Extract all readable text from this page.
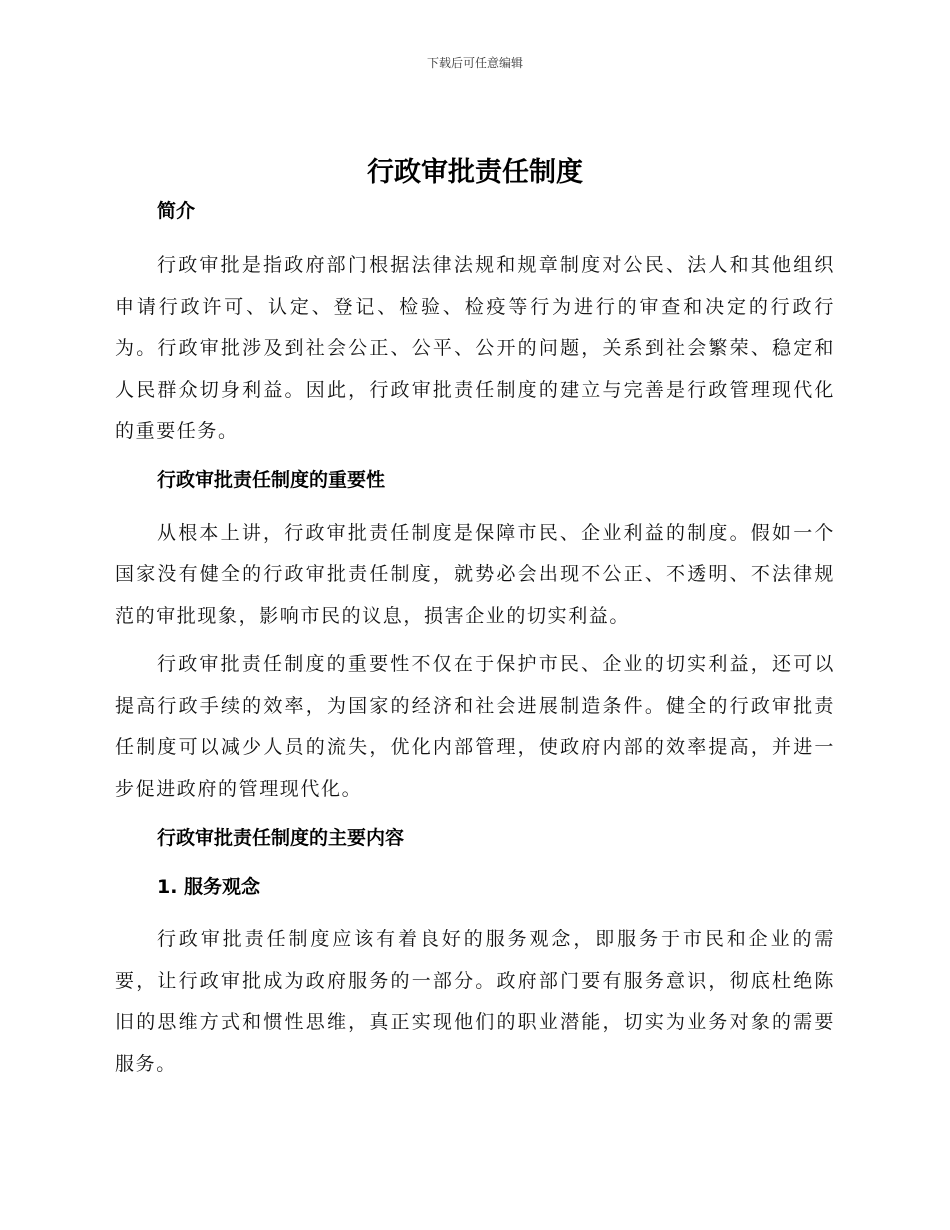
下载后可任意编辑
行政审批责任制度

简介

行政审批是指政府部门根据法律法规和规章制度对公民、法人和其他组织申请行政许可、认定、登记、检验、检疫等行为进行的审查和决定的行政行为。行政审批涉及到社会公正、公平、公开的问题，关系到社会繁荣、稳定和人民群众切身利益。因此，行政审批责任制度的建立与完善是行政管理现代化的重要任务。

行政审批责任制度的重要性

从根本上讲，行政审批责任制度是保障市民、企业利益的制度。假如一个国家没有健全的行政审批责任制度，就势必会出现不公正、不透明、不法律规范的审批现象，影响市民的议息，损害企业的切实利益。

行政审批责任制度的重要性不仅在于保护市民、企业的切实利益，还可以提高行政手续的效率，为国家的经济和社会进展制造条件。健全的行政审批责任制度可以减少人员的流失，优化内部管理，使政府内部的效率提高，并进一步促进政府的管理现代化。

行政审批责任制度的主要内容

1. 服务观念

行政审批责任制度应该有着良好的服务观念，即服务于市民和企业的需要，让行政审批成为政府服务的一部分。政府部门要有服务意识，彻底杜绝陈旧的思维方式和惯性思维，真正实现他们的职业潜能，切实为业务对象的需要服务。
